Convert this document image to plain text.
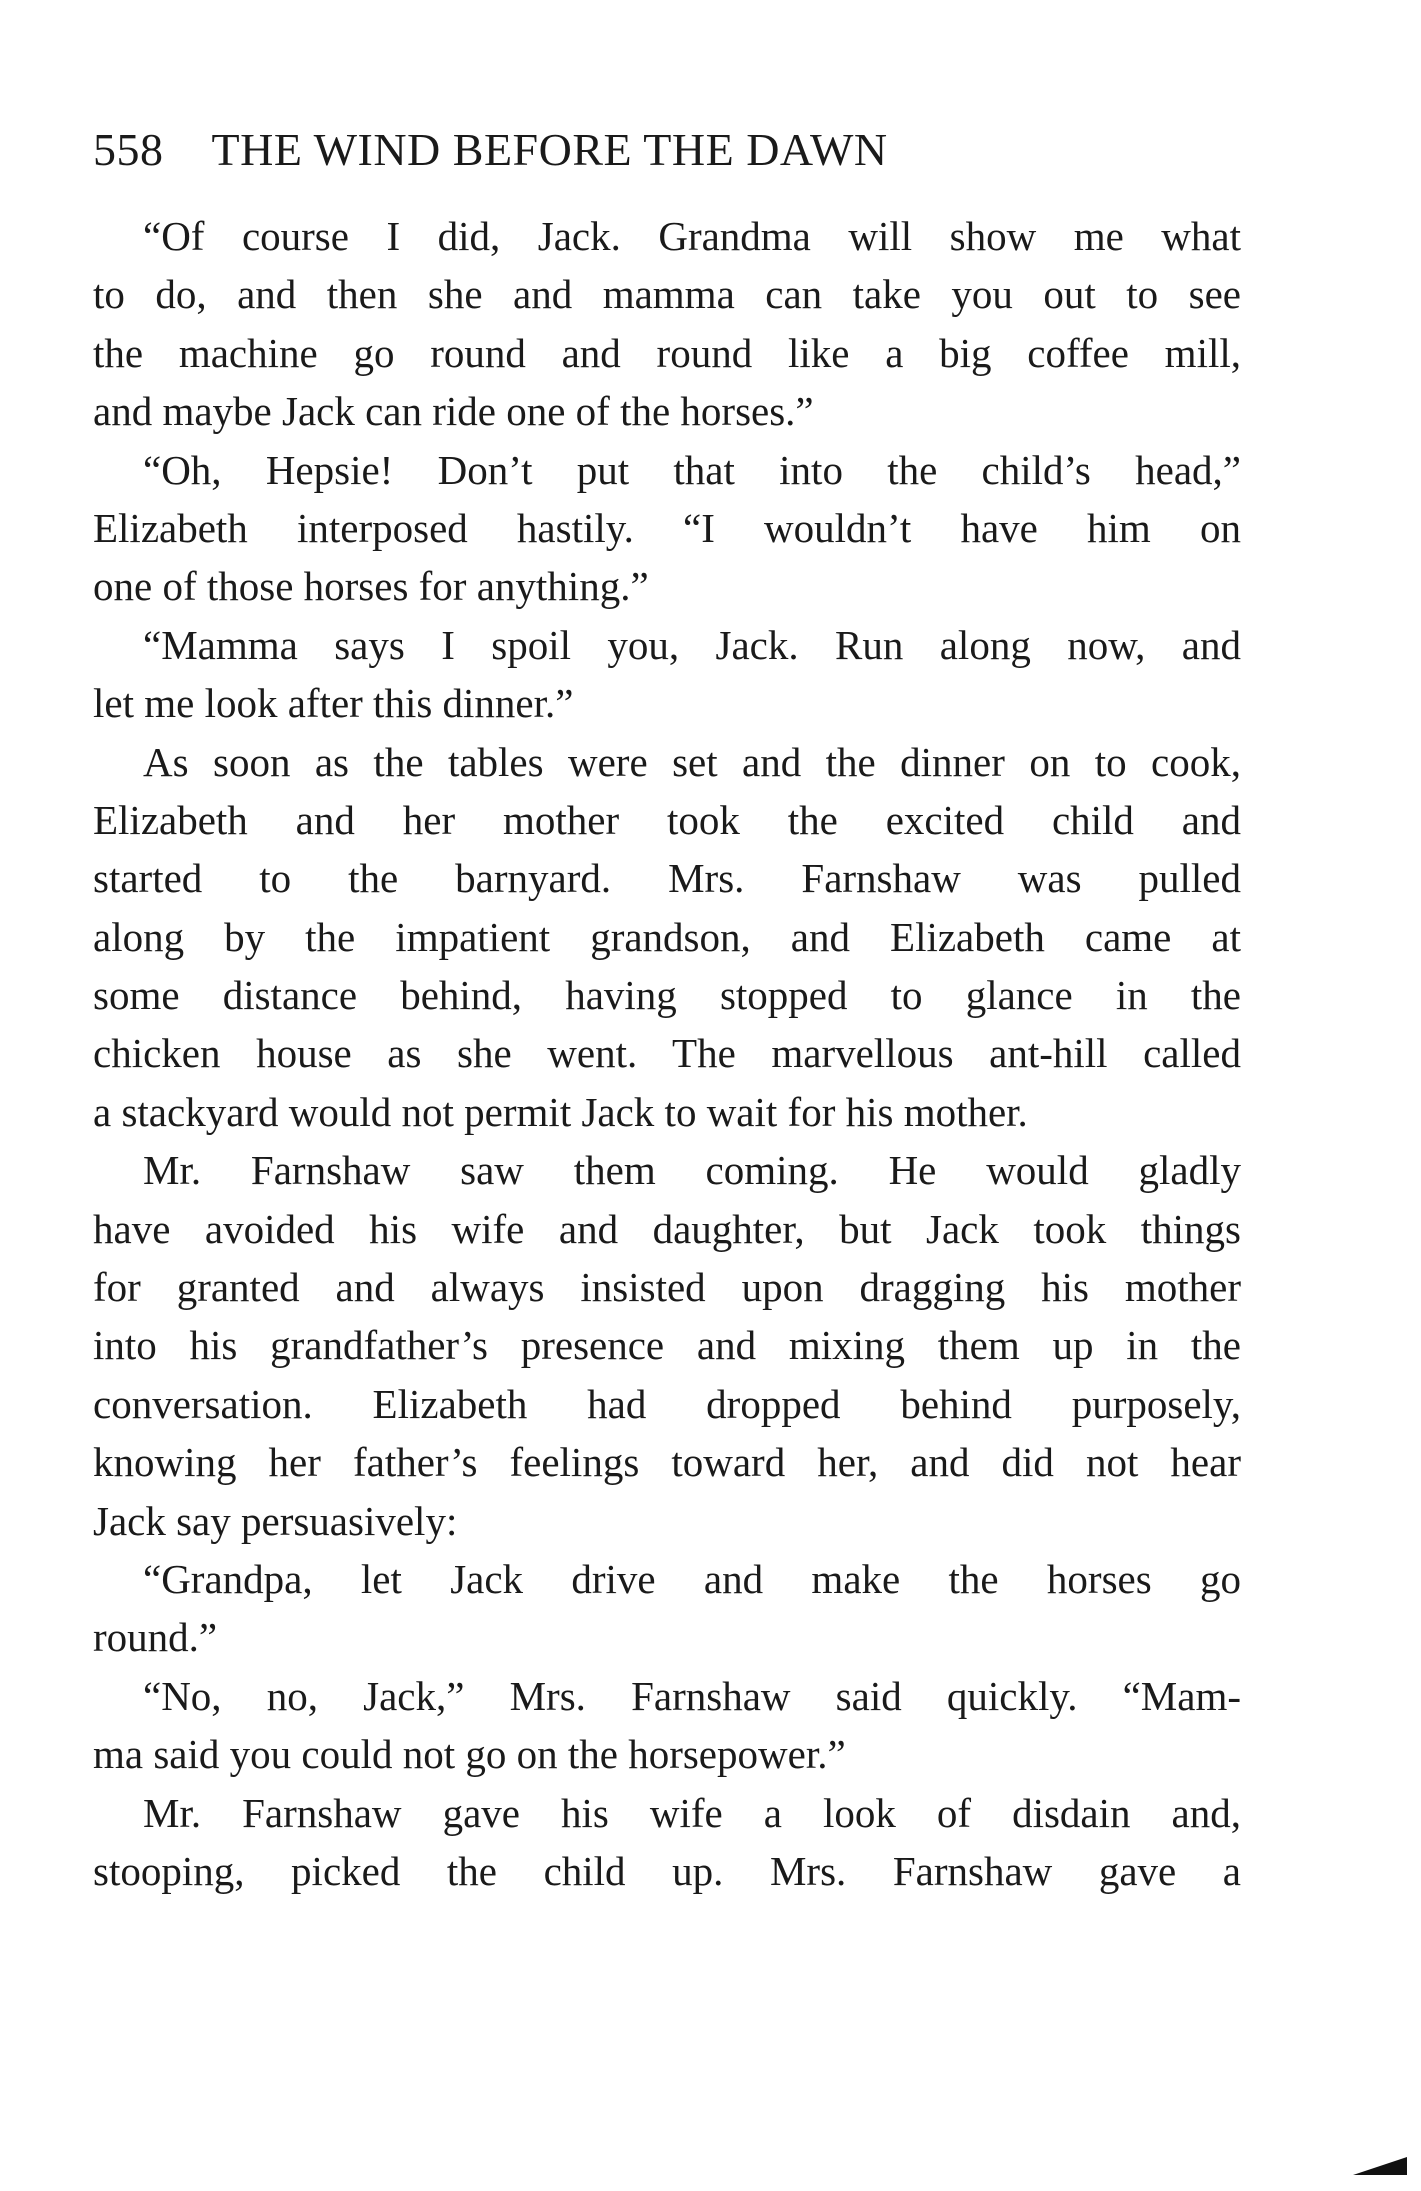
558 THE WIND BEFORE THE DAWN
“Of course I did, Jack. Grandma will show me what
to do, and then she and mamma can take you out to see
the machine go round and round like a big coffee mill,
and maybe Jack can ride one of the horses.”
“Oh, Hepsie! Don’t put that into the child’s head,”
Elizabeth interposed hastily. “I wouldn’t have him on
one of those horses for anything.”
“Mamma says I spoil you, Jack. Run along now, and
let me look after this dinner.”
As soon as the tables were set and the dinner on to cook,
Elizabeth and her mother took the excited child and
started to the barnyard. Mrs. Farnshaw was pulled
along by the impatient grandson, and Elizabeth came at
some distance behind, having stopped to glance in the
chicken house as she went. The marvellous ant-hill called
a stackyard would not permit Jack to wait for his mother.
Mr. Farnshaw saw them coming. He would gladly
have avoided his wife and daughter, but Jack took things
for granted and always insisted upon dragging his mother
into his grandfather’s presence and mixing them up in the
conversation. Elizabeth had dropped behind purposely,
knowing her father’s feelings toward her, and did not hear
Jack say persuasively:
“Grandpa, let Jack drive and make the horses go
round.”
“No, no, Jack,” Mrs. Farnshaw said quickly. “Mam-
ma said you could not go on the horsepower.”
Mr. Farnshaw gave his wife a look of disdain and,
stooping, picked the child up. Mrs. Farnshaw gave a
